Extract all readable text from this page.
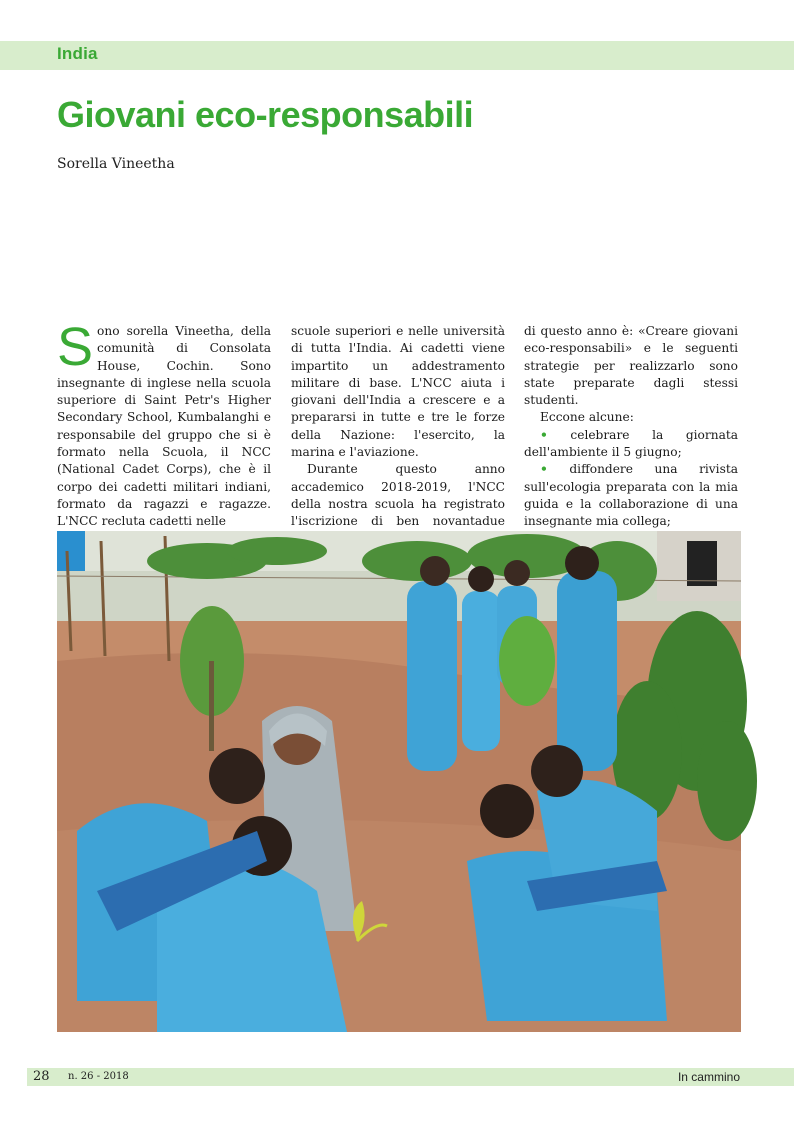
India
Giovani eco-responsabili
Sorella Vineetha

Sono sorella Vineetha, della comunità di Consolata House, Cochin. Sono insegnante di inglese nella scuola superiore di Saint Petr's Higher Secondary School, Kumbalanghi e responsabile del gruppo che si è formato nella Scuola, il NCC (National Cadet Corps), che è il corpo dei cadetti militari indiani, formato da ragazzi e ragazze. L'NCC recluta cadetti nelle

scuole superiori e nelle università di tutta l'India. Ai cadetti viene impartito un addestramento militare di base. L'NCC aiuta i giovani dell'India a crescere e a prepararsi in tutte e tre le forze della Nazione: l'esercito, la marina e l'aviazione.

Durante questo anno accademico 2018-2019, l'NCC della nostra scuola ha registrato l'iscrizione di ben novantadue

di questo anno è: «Creare giovani eco-responsabili» e le seguenti strategie per realizzarlo sono state preparate dagli stessi studenti.

Eccone alcune:

• celebrare la giornata dell'ambiente il 5 giugno;

• diffondere una rivista sull'ecologia preparata con la mia guida e la collaborazione di una insegnante mia collega;

28 n. 26 - 2018	In cammino
